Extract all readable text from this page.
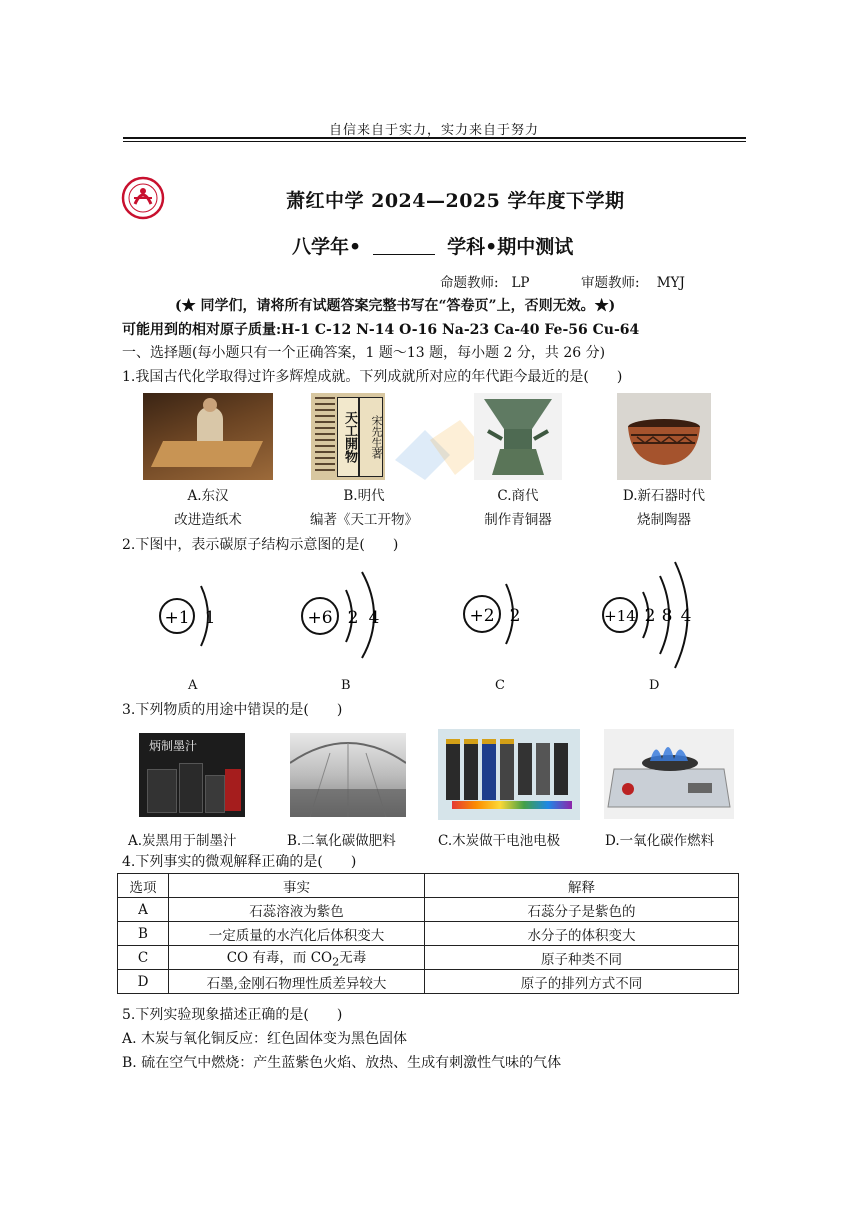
自信来自于实力，实力来自于努力
萧红中学 2024—2025 学年度下学期
八学年•	学科•期中测试
命题教师: LP	审题教师: MYJ
(★ 同学们，请将所有试题答案完整书写在“答卷页”上，否则无效。★)
可能用到的相对原子质量:H-1 C-12 N-14 O-16 Na-23 Ca-40 Fe-56 Cu-64
一、选择题(每小题只有一个正确答案，1 题～13 题，每小题 2 分，共 26 分)
1.我国古代化学取得过许多辉煌成就。下列成就所对应的年代距今最近的是(　　)
宋先生著
天工開物
A.东汉
改进造纸术
B.明代
编著《天工开物》
C.商代
制作青铜器
D.新石器时代
烧制陶器
2.下图中，表示碳原子结构示意图的是(　　)
+1 1	+6 2 4	+2 2	+14 2 8 4
A	B	C	D
3.下列物质的用途中错误的是(　　)
炳制墨汁
A.炭黑用于制墨汁	B.二氧化碳做肥料	C.木炭做干电池电极	D.一氧化碳作燃料
4.下列事实的微观解释正确的是(　　)
选项	事实	解释
A	石蕊溶液为紫色	石蕊分子是紫色的
B	一定质量的水汽化后体积变大	水分子的体积变大
C	CO 有毒，而 $CO_2$无毒	原子种类不同
D	石墨,金刚石物理性质差异较大	原子的排列方式不同
5.下列实验现象描述正确的是(　　)
A. 木炭与氧化铜反应：红色固体变为黑色固体
B. 硫在空气中燃烧：产生蓝紫色火焰、放热、生成有刺激性气味的气体
